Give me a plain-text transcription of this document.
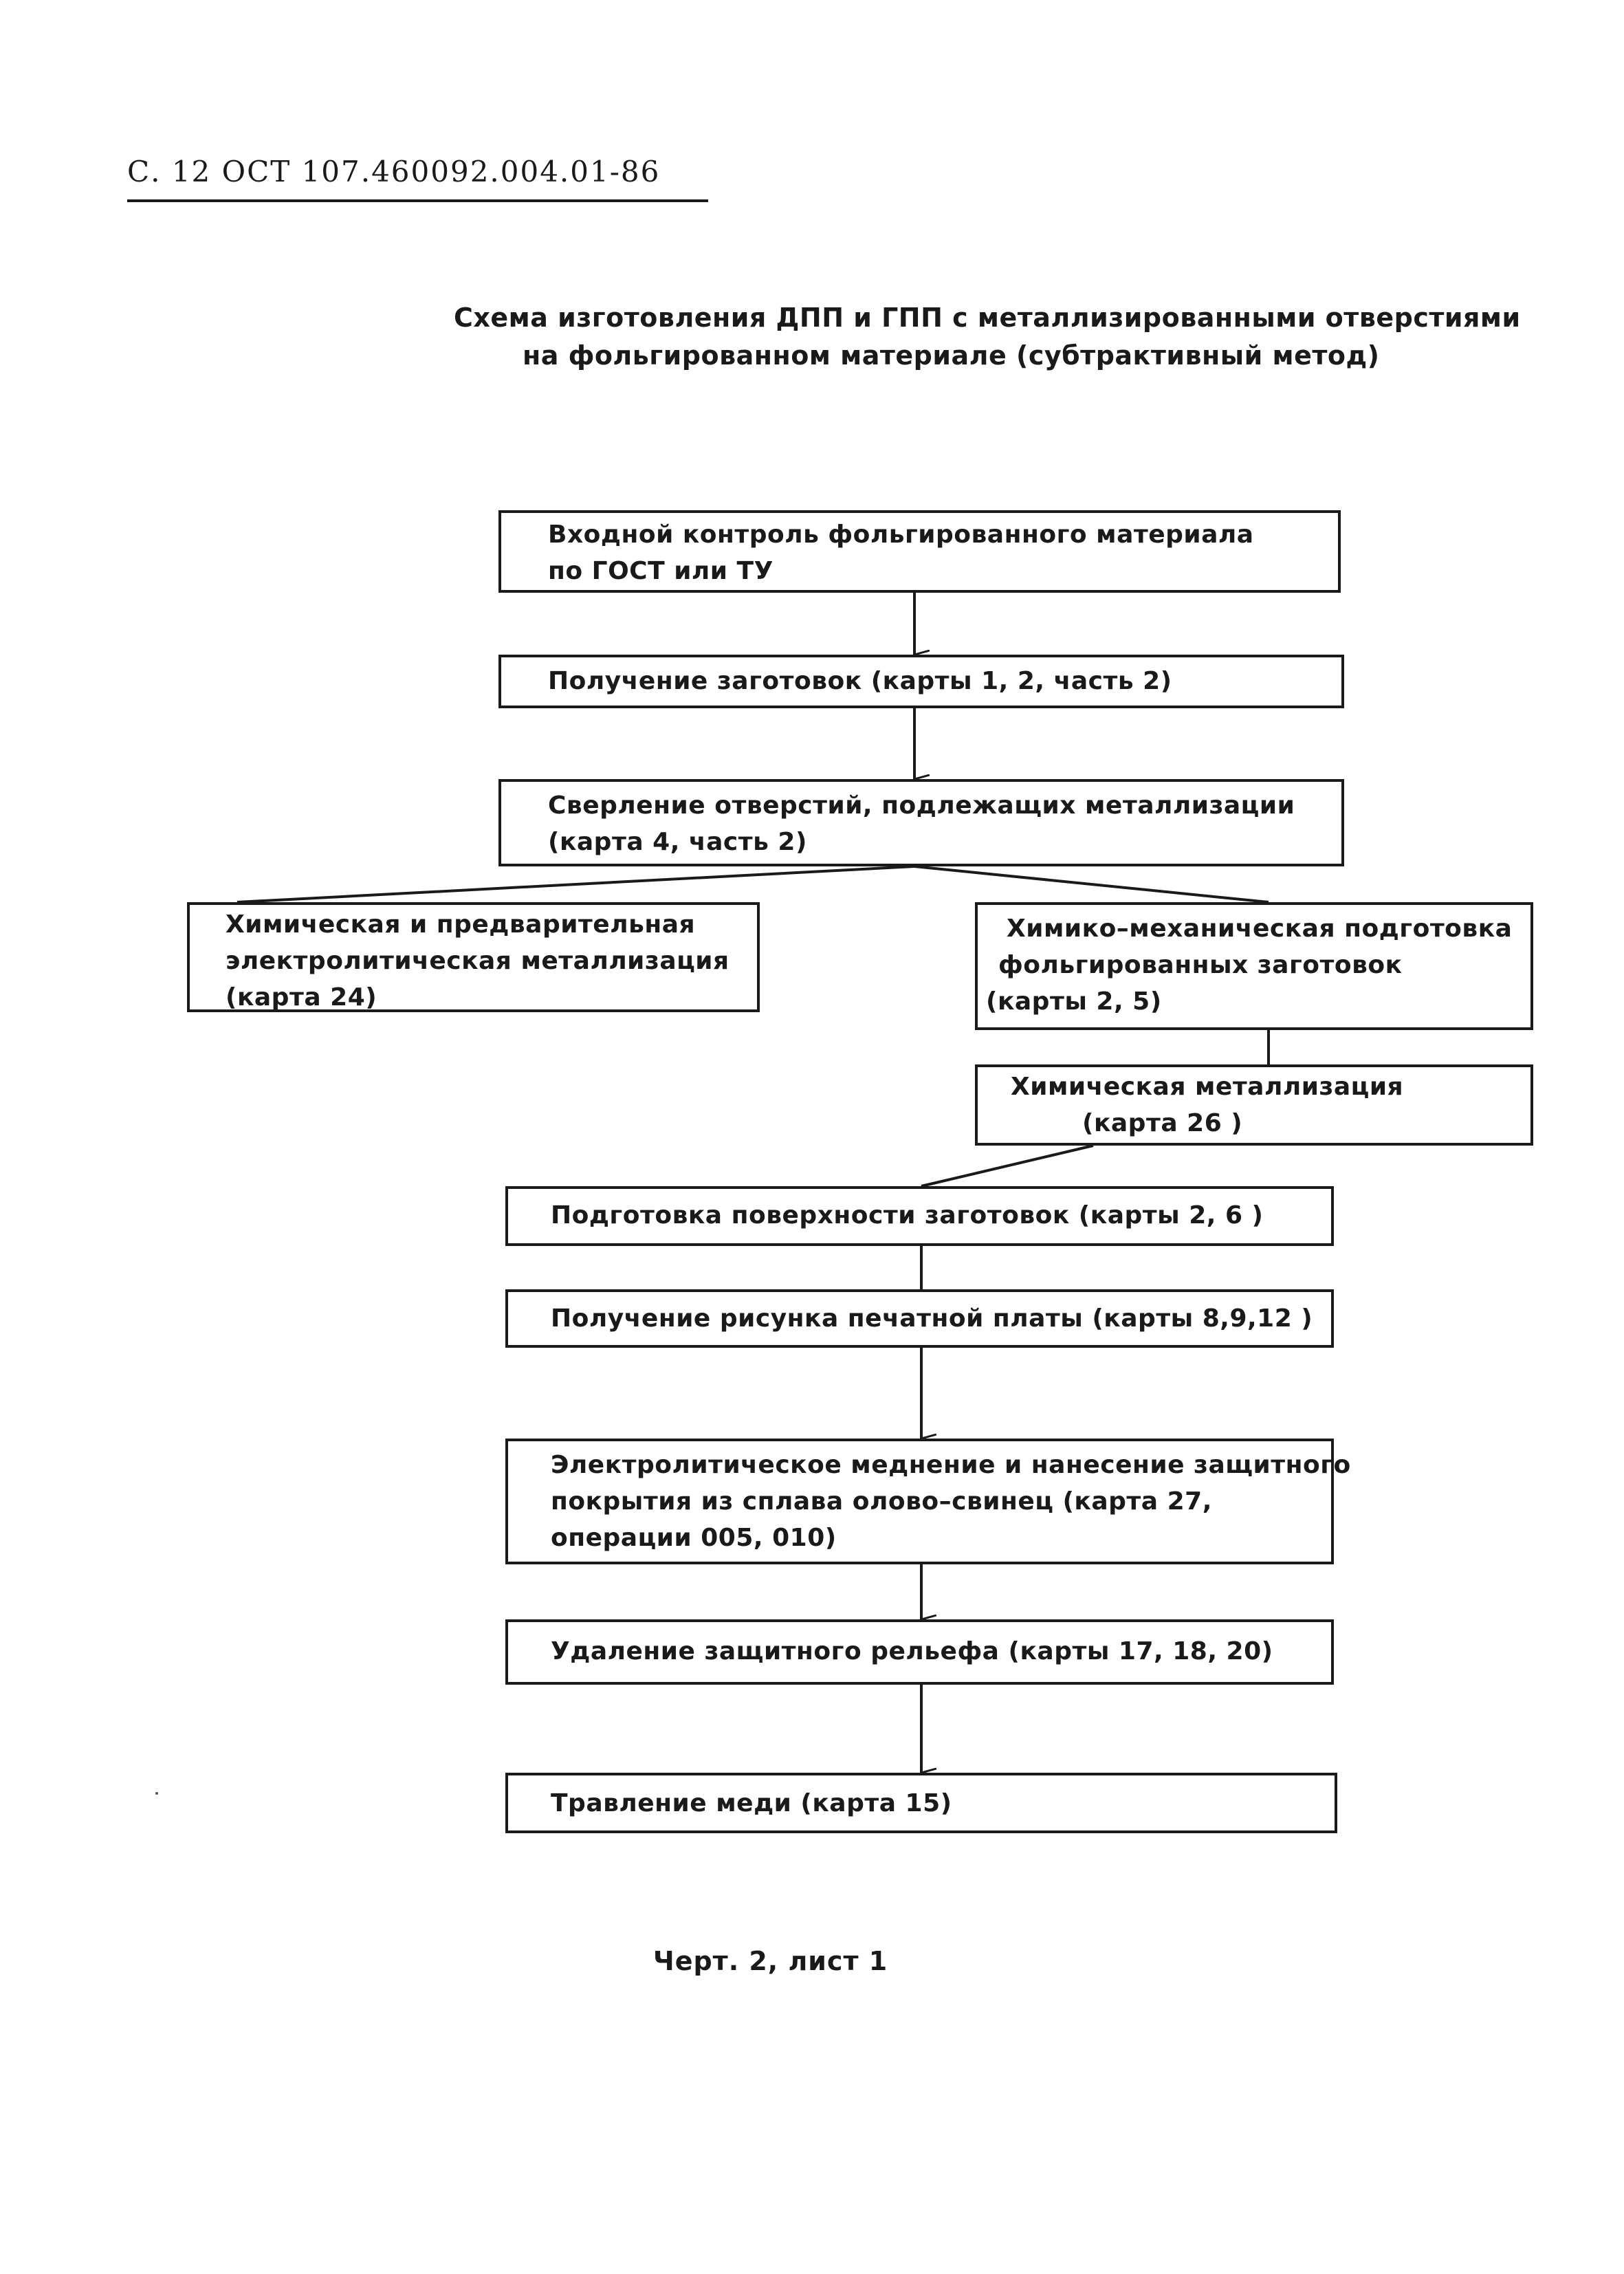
С. 12 ОСТ 107.460092.004.01-86
Схема изготовления ДПП и ГПП с металлизированными отверстиями
на фольгированном материале (субтрактивный метод)
Входной контроль фольгированного материала
по ГОСТ или ТУ
Получение заготовок (карты 1, 2, часть 2)
Сверление отверстий, подлежащих металлизации
(карта 4, часть 2)
Химическая и предварительная
электролитическая металлизация
(карта 24)
Химико–механическая подготовка
фольгированных заготовок
(карты 2, 5)
Химическая металлизация
(карта 26 )
Подготовка поверхности заготовок (карты 2, 6 )
Получение рисунка печатной платы (карты 8,9,12 )
Электролитическое меднение и нанесение защитного
покрытия из сплава олово–свинец (карта 27,
операции 005, 010)
Удаление защитного рельефа (карты 17, 18, 20)
Травление меди (карта 15)
Черт. 2, лист 1
